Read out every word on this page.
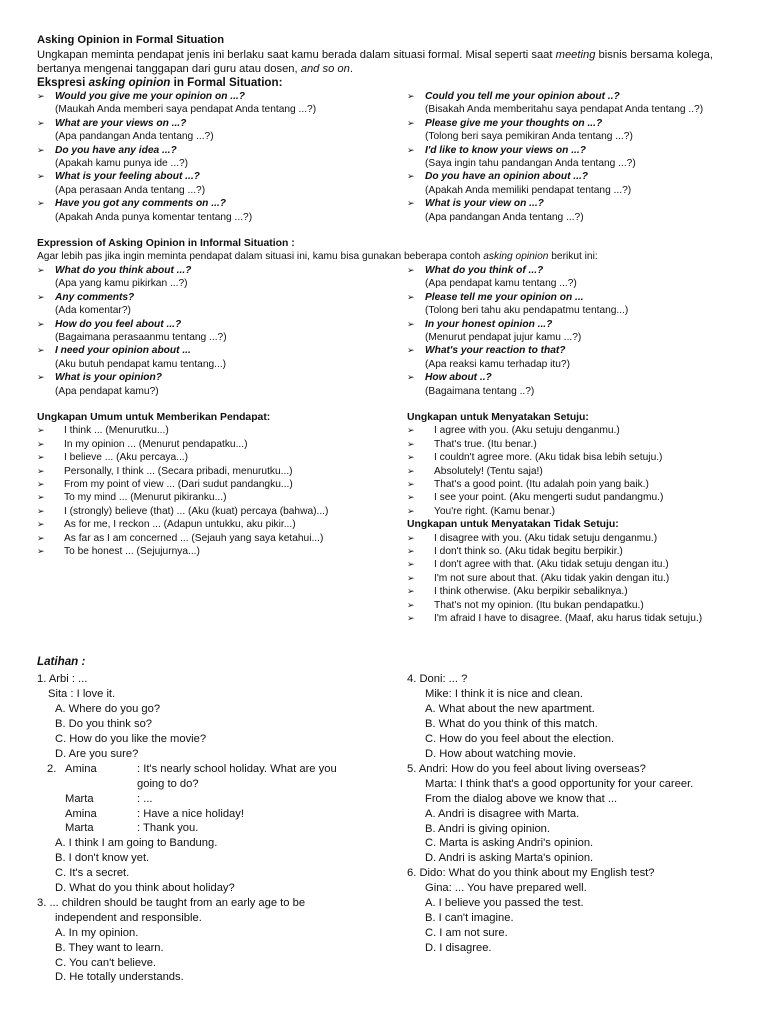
Asking Opinion in Formal Situation
Ungkapan meminta pendapat jenis ini berlaku saat kamu berada dalam situasi formal. Misal seperti saat meeting bisnis bersama kolega, bertanya mengenai tanggapan dari guru atau dosen, and so on.
Ekspresi asking opinion in Formal Situation:
➢	Would you give me your opinion on ...?
(Maukah Anda memberi saya pendapat Anda tentang ...?)
➢	What are your views on ...?
(Apa pandangan Anda tentang ...?)
➢	Do you have any idea ...?
(Apakah kamu punya ide ...?)
➢	What is your feeling about ...?
(Apa perasaan Anda tentang ...?)
➢	Have you got any comments on ...?
(Apakah Anda punya komentar tentang ...?)
➢	Could you tell me your opinion about ..?
(Bisakah Anda memberitahu saya pendapat Anda tentang ..?)
➢	Please give me your thoughts on ...?
(Tolong beri saya pemikiran Anda tentang ...?)
➢	I'd like to know your views on ...?
(Saya ingin tahu pandangan Anda tentang ...?)
➢	Do you have an opinion about ...?
(Apakah Anda memiliki pendapat tentang ...?)
➢	What is your view on ...?
(Apa pandangan Anda tentang ...?)
Expression of Asking Opinion in Informal Situation :
Agar lebih pas jika ingin meminta pendapat dalam situasi ini, kamu bisa gunakan beberapa contoh asking opinion berikut ini:
➢	What do you think about ...?
(Apa yang kamu pikirkan ...?)
➢	Any comments?
(Ada komentar?)
➢	How do you feel about ...?
(Bagaimana perasaanmu tentang ...?)
➢	I need your opinion about ...
(Aku butuh pendapat kamu tentang...)
➢	What is your opinion?
(Apa pendapat kamu?)
➢	What do you think of ...?
(Apa pendapat kamu tentang ...?)
➢	Please tell me your opinion on ...
(Tolong beri tahu aku pendapatmu tentang...)
➢	In your honest opinion ...?
(Menurut pendapat jujur kamu ...?)
➢	What's your reaction to that?
(Apa reaksi kamu terhadap itu?)
➢	How about ..?
(Bagaimana tentang ..?)
Ungkapan Umum untuk Memberikan Pendapat:
➢	I think ... (Menurutku...)
➢	In my opinion ... (Menurut pendapatku...)
➢	I believe ... (Aku percaya...)
➢	Personally, I think ... (Secara pribadi, menurutku...)
➢	From my point of view ... (Dari sudut pandangku...)
➢	To my mind ... (Menurut pikiranku...)
➢	I (strongly) believe (that) ... (Aku (kuat) percaya (bahwa)...)
➢	As for me, I reckon ... (Adapun untukku, aku pikir...)
➢	As far as I am concerned ... (Sejauh yang saya ketahui...)
➢	To be honest ... (Sejujurnya...)
Ungkapan untuk Menyatakan Setuju:
➢	I agree with you. (Aku setuju denganmu.)
➢	That's true. (Itu benar.)
➢	I couldn't agree more. (Aku tidak bisa lebih setuju.)
➢	Absolutely! (Tentu saja!)
➢	That's a good point. (Itu adalah poin yang baik.)
➢	I see your point. (Aku mengerti sudut pandangmu.)
➢	You're right. (Kamu benar.)
Ungkapan untuk Menyatakan Tidak Setuju:
➢	I disagree with you. (Aku tidak setuju denganmu.)
➢	I don't think so. (Aku tidak begitu berpikir.)
➢	I don't agree with that. (Aku tidak setuju dengan itu.)
➢	I'm not sure about that. (Aku tidak yakin dengan itu.)
➢	I think otherwise. (Aku berpikir sebaliknya.)
➢	That's not my opinion. (Itu bukan pendapatku.)
➢	I'm afraid I have to disagree. (Maaf, aku harus tidak setuju.)
Latihan :
1. Arbi : ...
Sita : I love it.
A. Where do you go?
B. Do you think so?
C. How do you like the movie?
D. Are you sure?
2. Amina	: It's nearly school holiday. What are you
going to do?
Marta	: ...
Amina	: Have a nice holiday!
Marta	: Thank you.
A. I think I am going to Bandung.
B. I don't know yet.
C. It's a secret.
D. What do you think about holiday?
3. ... children should be taught from an early age to be
independent and responsible.
A. In my opinion.
B. They want to learn.
C. You can't believe.
D. He totally understands.
4. Doni: ... ?
Mike: I think it is nice and clean.
A. What about the new apartment.
B. What do you think of this match.
C. How do you feel about the election.
D. How about watching movie.
5. Andri: How do you feel about living overseas?
Marta: I think that's a good opportunity for your career.
From the dialog above we know that ...
A. Andri is disagree with Marta.
B. Andri is giving opinion.
C. Marta is asking Andri's opinion.
D. Andri is asking Marta's opinion.
6. Dido: What do you think about my English test?
Gina: ... You have prepared well.
A. I believe you passed the test.
B. I can't imagine.
C. I am not sure.
D. I disagree.
